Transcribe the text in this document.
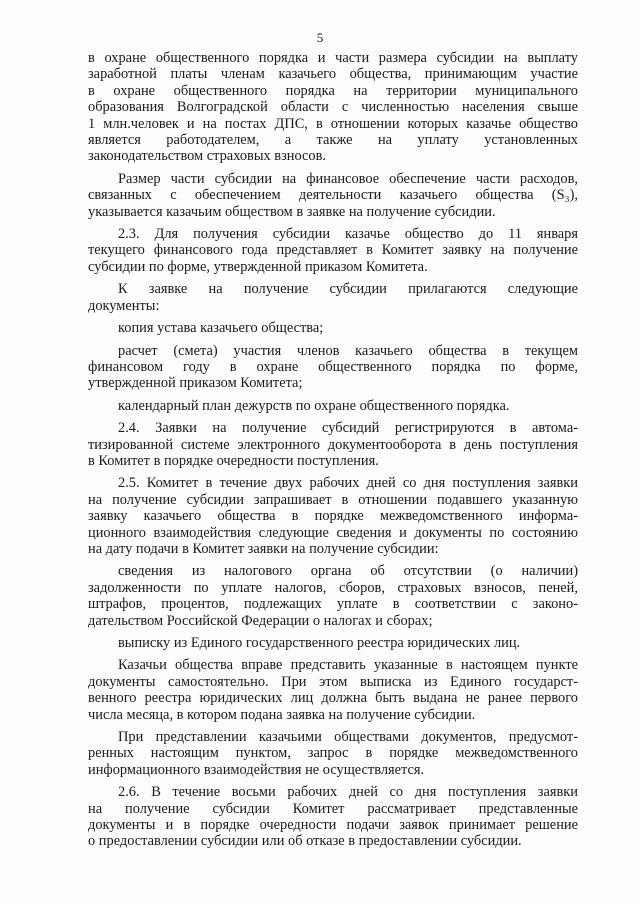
5
в охране общественного порядка и части размера субсидии на выплату
заработной платы членам казачьего общества, принимающим участие
в охране общественного порядка на территории муниципального
образования Волгоградской области с численностью населения свыше
1 млн.человек и на постах ДПС, в отношении которых казачье общество
является работодателем, а также на уплату установленных
законодательством страховых взносов.
Размер части субсидии на финансовое обеспечение части расходов,
связанных с обеспечением деятельности казачьего общества (S₃),
указывается казачьим обществом в заявке на получение субсидии.
2.3. Для получения субсидии казачье общество до 11 января
текущего финансового года представляет в Комитет заявку на получение
субсидии по форме, утвержденной приказом Комитета.
К заявке на получение субсидии прилагаются следующие
документы:
копия устава казачьего общества;
расчет (смета) участия членов казачьего общества в текущем
финансовом году в охране общественного порядка по форме,
утвержденной приказом Комитета;
календарный план дежурств по охране общественного порядка.
2.4. Заявки на получение субсидий регистрируются в автома-
тизированной системе электронного документооборота в день поступления
в Комитет в порядке очередности поступления.
2.5. Комитет в течение двух рабочих дней со дня поступления заявки
на получение субсидии запрашивает в отношении подавшего указанную
заявку казачьего общества в порядке межведомственного информа-
ционного взаимодействия следующие сведения и документы по состоянию
на дату подачи в Комитет заявки на получение субсидии:
сведения из налогового органа об отсутствии (о наличии)
задолженности по уплате налогов, сборов, страховых взносов, пеней,
штрафов, процентов, подлежащих уплате в соответствии с законо-
дательством Российской Федерации о налогах и сборах;
выписку из Единого государственного реестра юридических лиц.
Казачьи общества вправе представить указанные в настоящем пункте
документы самостоятельно. При этом выписка из Единого государст-
венного реестра юридических лиц должна быть выдана не ранее первого
числа месяца, в котором подана заявка на получение субсидии.
При представлении казачьими обществами документов, предусмот-
ренных настоящим пунктом, запрос в порядке межведомственного
информационного взаимодействия не осуществляется.
2.6. В течение восьми рабочих дней со дня поступления заявки
на получение субсидии Комитет рассматривает представленные
документы и в порядке очередности подачи заявок принимает решение
о предоставлении субсидии или об отказе в предоставлении субсидии.
